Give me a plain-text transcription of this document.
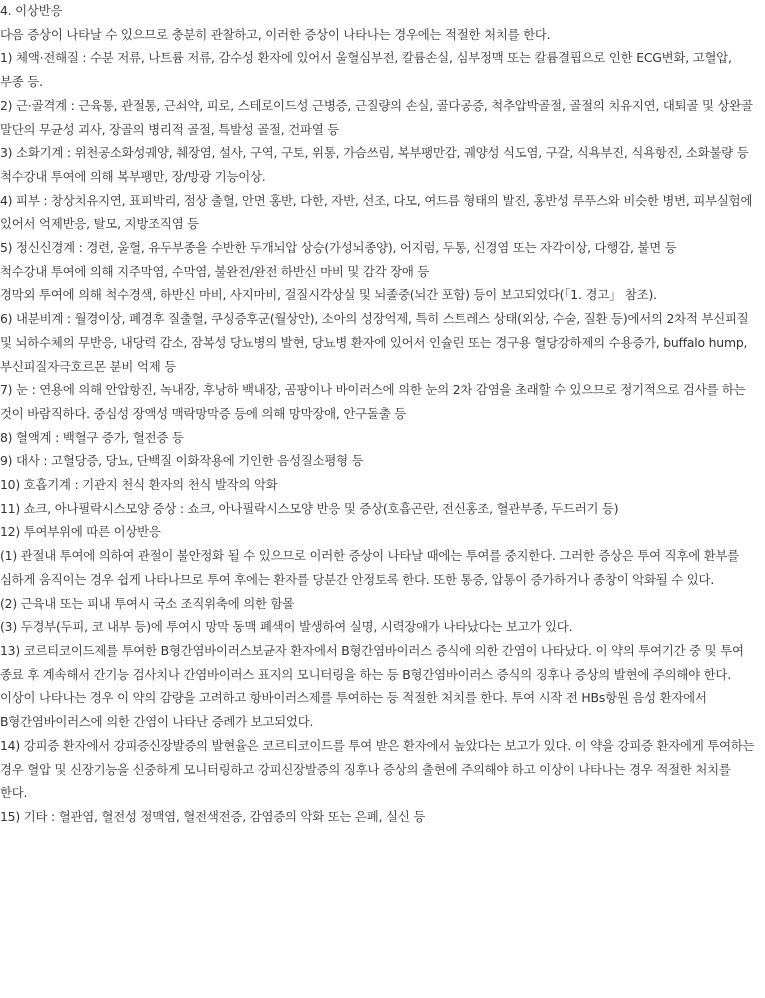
4. 이상반응

다음 증상이 나타날 수 있으므로 충분히 관찰하고, 이러한 증상이 나타나는 경우에는 적절한 처치를 한다.

1) 체액·전해질 : 수분 저류, 나트륨 저류, 감수성 환자에 있어서 울혈심부전, 칼륨손실, 심부정맥 또는 칼륨결핍으로 인한 ECG변화, 고혈압, 부종 등.

2) 근·골격계 : 근육통, 관절통, 근쇠약, 피로, 스테로이드성 근병증, 근질량의 손실, 골다공증, 척추압박골절, 골절의 치유지연, 대퇴골 및 상완골 말단의 무균성 괴사, 장골의 병리적 골절, 특발성 골절, 건파열 등

3) 소화기계 : 위천공소화성궤양, 췌장염, 설사, 구역, 구토, 위통, 가슴쓰림, 복부팽만감, 궤양성 식도염, 구갈, 식욕부진, 식욕항진, 소화불량 등

척수강내 투여에 의해 복부팽만, 장/방광 기능이상.

4) 피부 : 창상치유지연, 표피박리, 점상 출혈, 안면 홍반, 다한, 자반, 선조, 다모, 여드름 형태의 발진, 홍반성 루푸스와 비슷한 병변, 피부실험에 있어서 억제반응, 탈모, 지방조직염 등

5) 정신신경계 : 경련, 울혈, 유두부종을 수반한 두개뇌압 상승(가성뇌종양), 어지럼, 두통, 신경염 또는 자각이상, 다행감, 불면 등

척수강내 투여에 의해 지주막염, 수막염, 불완전/완전 하반신 마비 및 감각 장애 등

경막외 투여에 의해 척수경색, 하반신 마비, 사지마비, 걸질시각상실 및 뇌졸중(뇌간 포함) 등이 보고되었다(「1. 경고」 참조).

6) 내분비계 : 월경이상, 폐경후 질출혈, 쿠싱증후군(월상안), 소아의 성장억제, 특히 스트레스 상태(외상, 수술, 질환 등)에서의 2차적 부신피질 및 뇌하수체의 무반응, 내당력 감소, 잠복성 당뇨병의 발현, 당뇨병 환자에 있어서 인슐린 또는 경구용 혈당강하제의 수용증가, buffalo hump, 부신피질자극호르몬 분비 억제 등

7) 눈 : 연용에 의해 안압항진, 녹내장, 후낭하 백내장, 곰팡이나 바이러스에 의한 눈의 2차 감염을 초래할 수 있으므로 정기적으로 검사를 하는 것이 바람직하다. 중심성 장액성 맥락망막증 등에 의해 망막장애, 안구돌출 등

8) 혈액계 : 백혈구 증가, 혈전증 등

9) 대사 : 고혈당증, 당뇨, 단백질 이화작용에 기인한 음성질소평형 등

10) 호흡기계 : 기관지 천식 환자의 천식 발작의 악화

11) 쇼크, 아나필락시스모양 증상 : 쇼크, 아나필락시스모양 반응 및 증상(호흡곤란, 전신홍조, 혈관부종, 두드러기 등)

12) 투여부위에 따른 이상반응

(1) 관절내 투여에 의하여 관절이 불안정화 될 수 있으므로 이러한 증상이 나타날 때에는 투여를 중지한다. 그러한 증상은 투여 직후에 환부를 심하게 움직이는 경우 쉽게 나타나므로 투여 후에는 환자를 당분간 안정토록 한다. 또한 통증, 압통이 증가하거나 종창이 악화될 수 있다.

(2) 근육내 또는 피내 투여시 국소 조직위축에 의한 함몰

(3) 두경부(두피, 코 내부 등)에 투여시 망막 동맥 폐색이 발생하여 실명, 시력장애가 나타났다는 보고가 있다.

13) 코르티코이드제를 투여한 B형간염바이러스보균자 환자에서 B형간염바이러스 증식에 의한 간염이 나타났다. 이 약의 투여기간 중 및 투여 종료 후 계속해서 간기능 검사치나 간염바이러스 표지의 모니터링을 하는 등 B형간염바이러스 증식의 징후나 증상의 발현에 주의해야 한다. 이상이 나타나는 경우 이 약의 감량을 고려하고 항바이러스제를 투여하는 등 적절한 처치를 한다. 투여 시작 전 HBs항원 음성 환자에서 B형간염바이러스에 의한 간염이 나타난 증례가 보고되었다.

14) 강피증 환자에서 강피증신장발증의 발현율은 코르티코이드를 투여 받은 환자에서 높았다는 보고가 있다. 이 약을 강피증 환자에게 투여하는 경우 혈압 및 신장기능을 신중하게 모니터링하고 강피신장발증의 징후나 증상의 출현에 주의해야 하고 이상이 나타나는 경우 적절한 처치를 한다.

15) 기타 : 혈관염, 혈전성 정맥염, 혈전색전증, 감염증의 악화 또는 은폐, 실신 등
